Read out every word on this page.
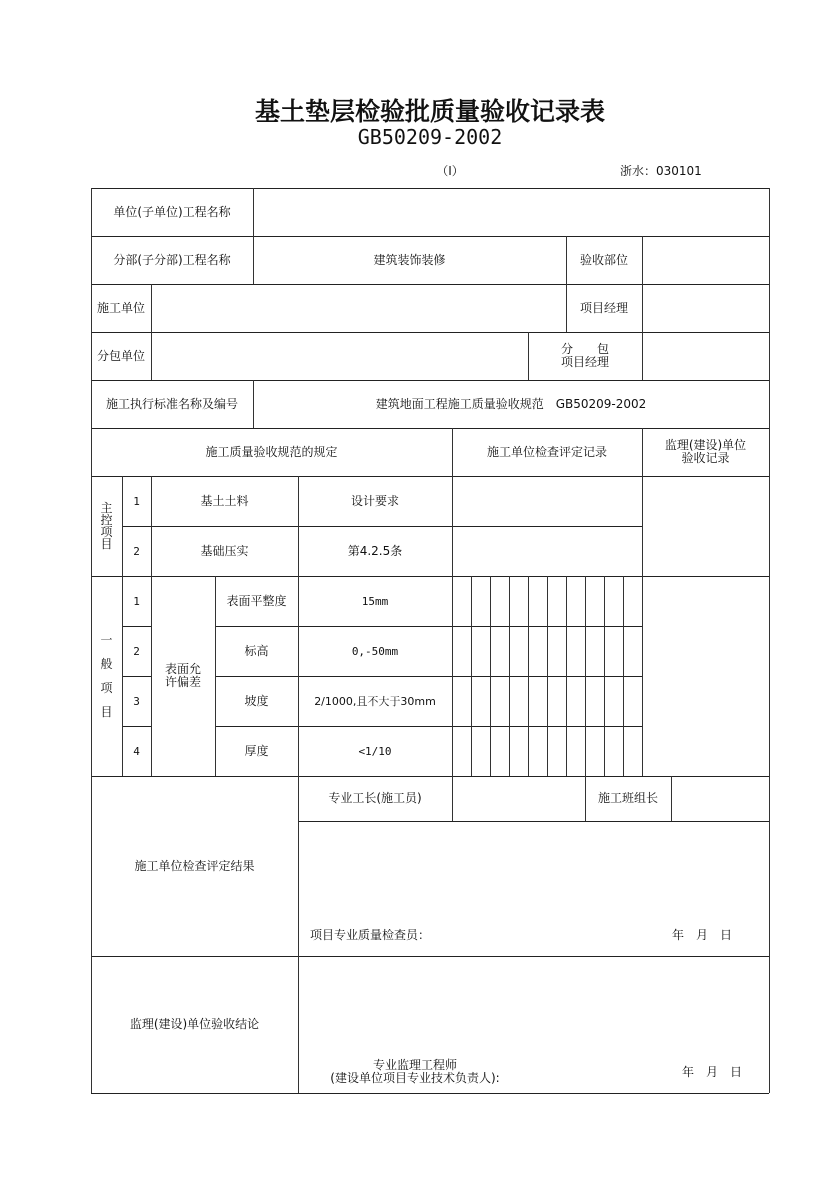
基土垫层检验批质量验收记录表
GB50209-2002
（Ⅰ）	浙水：030101
单位(子单位)工程名称
分部(子分部)工程名称	建筑装饰装修	验收部位
施工单位	项目经理
分包单位	分　　包
项目经理
施工执行标准名称及编号	建筑地面工程施工质量验收规范　GB50209-2002
施工质量验收规范的规定	施工单位检查评定记录	监理(建设)单位
验收记录
主
控
项
目
1	基土土料	设计要求
2	基础压实	第4.2.5条
一
般
项
目
表面允
许偏差
1	表面平整度	15mm
2	标高	0,-50mm
3	坡度	2/1000,且不大于30mm
4	厚度	<1/10
施工单位检查评定结果
专业工长(施工员)	施工班组长
项目专业质量检查员：	年　月　日
监理(建设)单位验收结论
专业监理工程师
(建设单位项目专业技术负责人):	年　月　日
